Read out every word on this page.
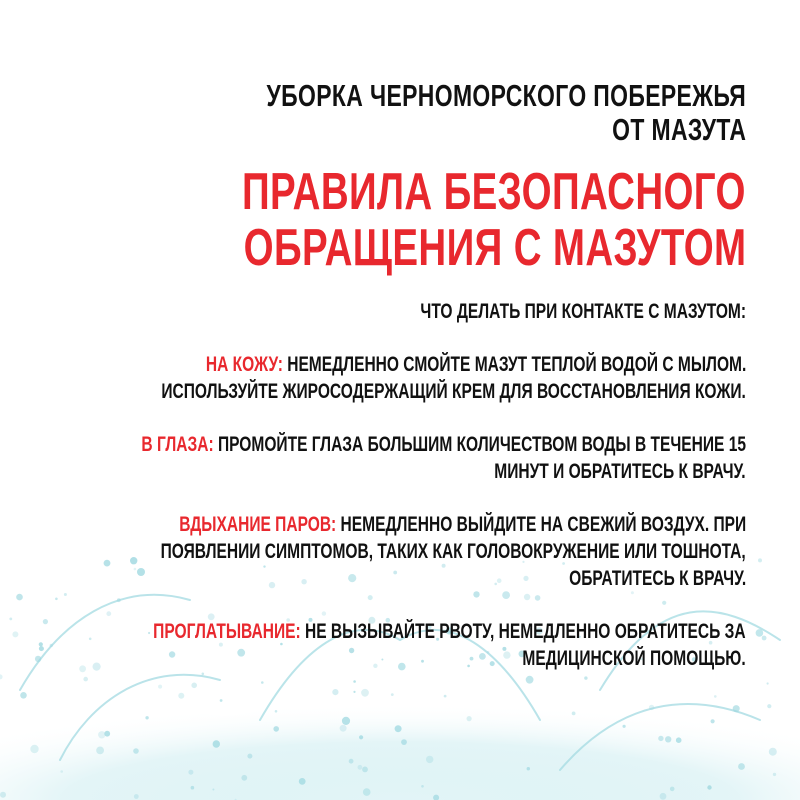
УБОРКА ЧЕРНОМОРСКОГО ПОБЕРЕЖЬЯ
ОТ МАЗУТА
ПРАВИЛА БЕЗОПАСНОГО
ОБРАЩЕНИЯ С МАЗУТОМ
ЧТО ДЕЛАТЬ ПРИ КОНТАКТЕ С МАЗУТОМ:
НА КОЖУ: НЕМЕДЛЕННО СМОЙТЕ МАЗУТ ТЕПЛОЙ ВОДОЙ С МЫЛОМ.
ИСПОЛЬЗУЙТЕ ЖИРОСОДЕРЖАЩИЙ КРЕМ ДЛЯ ВОССТАНОВЛЕНИЯ КОЖИ.
В ГЛАЗА: ПРОМОЙТЕ ГЛАЗА БОЛЬШИМ КОЛИЧЕСТВОМ ВОДЫ В ТЕЧЕНИЕ 15
МИНУТ И ОБРАТИТЕСЬ К ВРАЧУ.
ВДЫХАНИЕ ПАРОВ: НЕМЕДЛЕННО ВЫЙДИТЕ НА СВЕЖИЙ ВОЗДУХ. ПРИ
ПОЯВЛЕНИИ СИМПТОМОВ, ТАКИХ КАК ГОЛОВОКРУЖЕНИЕ ИЛИ ТОШНОТА,
ОБРАТИТЕСЬ К ВРАЧУ.
ПРОГЛАТЫВАНИЕ: НЕ ВЫЗЫВАЙТЕ РВОТУ, НЕМЕДЛЕННО ОБРАТИТЕСЬ ЗА
МЕДИЦИНСКОЙ ПОМОЩЬЮ.
